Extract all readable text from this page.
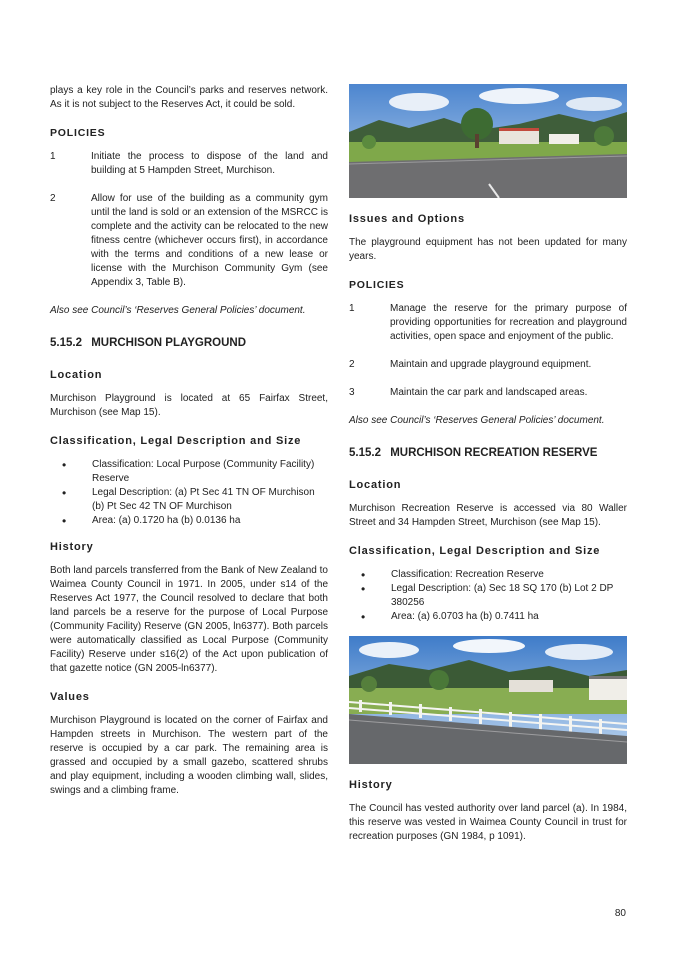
plays a key role in the Council’s parks and reserves network. As it is not subject to the Reserves Act, it could be sold.

POLICIES
1	Initiate the process to dispose of the land and building at 5 Hampden Street, Murchison.
2	Allow for use of the building as a community gym until the land is sold or an extension of the MSRCC is complete and the activity can be relocated to the new fitness centre (whichever occurs first), in accordance with the terms and conditions of a new lease or license with the Murchison Community Gym (see Appendix 3, Table B).

Also see Council’s ‘Reserves General Policies’ document.

5.15.2 MURCHISON PLAYGROUND
Location

Murchison Playground is located at 65 Fairfax Street, Murchison (see Map 15).

Classification, Legal Description and Size
•	Classification: Local Purpose (Community Facility) Reserve
•	Legal Description: (a) Pt Sec 41 TN OF Murchison (b) Pt Sec 42 TN OF Murchison
•	Area: (a) 0.1720 ha (b) 0.0136 ha
History

Both land parcels transferred from the Bank of New Zealand to Waimea County Council in 1971. In 2005, under s14 of the Reserves Act 1977, the Council resolved to declare that both land parcels be a reserve for the purpose of Local Purpose (Community Facility) Reserve (GN 2005, ln6377). Both parcels were automatically classified as Local Purpose (Community Facility) Reserve under s16(2) of the Act upon publication of that gazette notice (GN 2005-ln6377).

Values

Murchison Playground is located on the corner of Fairfax and Hampden streets in Murchison. The western part of the reserve is occupied by a car park. The remaining area is grassed and occupied by a small gazebo, scattered shrubs and play equipment, including a wooden climbing wall, slides, swings and a climbing frame.

Issues and Options

The playground equipment has not been updated for many years.

POLICIES
1	Manage the reserve for the primary purpose of providing opportunities for recreation and playground activities, open space and enjoyment of the public.
2	Maintain and upgrade playground equipment.
3	Maintain the car park and landscaped areas.

Also see Council’s ‘Reserves General Policies’ document.

5.15.2 MURCHISON RECREATION RESERVE
Location

Murchison Recreation Reserve is accessed via 80 Waller Street and 34 Hampden Street, Murchison (see Map 15).

Classification, Legal Description and Size
•	Classification: Recreation Reserve
•	Legal Description: (a) Sec 18 SQ 170 (b) Lot 2 DP 380256
•	Area: (a) 6.0703 ha (b) 0.7411 ha
History

The Council has vested authority over land parcel (a). In 1984, this reserve was vested in Waimea County Council in trust for recreation purposes (GN 1984, p 1091).

80
